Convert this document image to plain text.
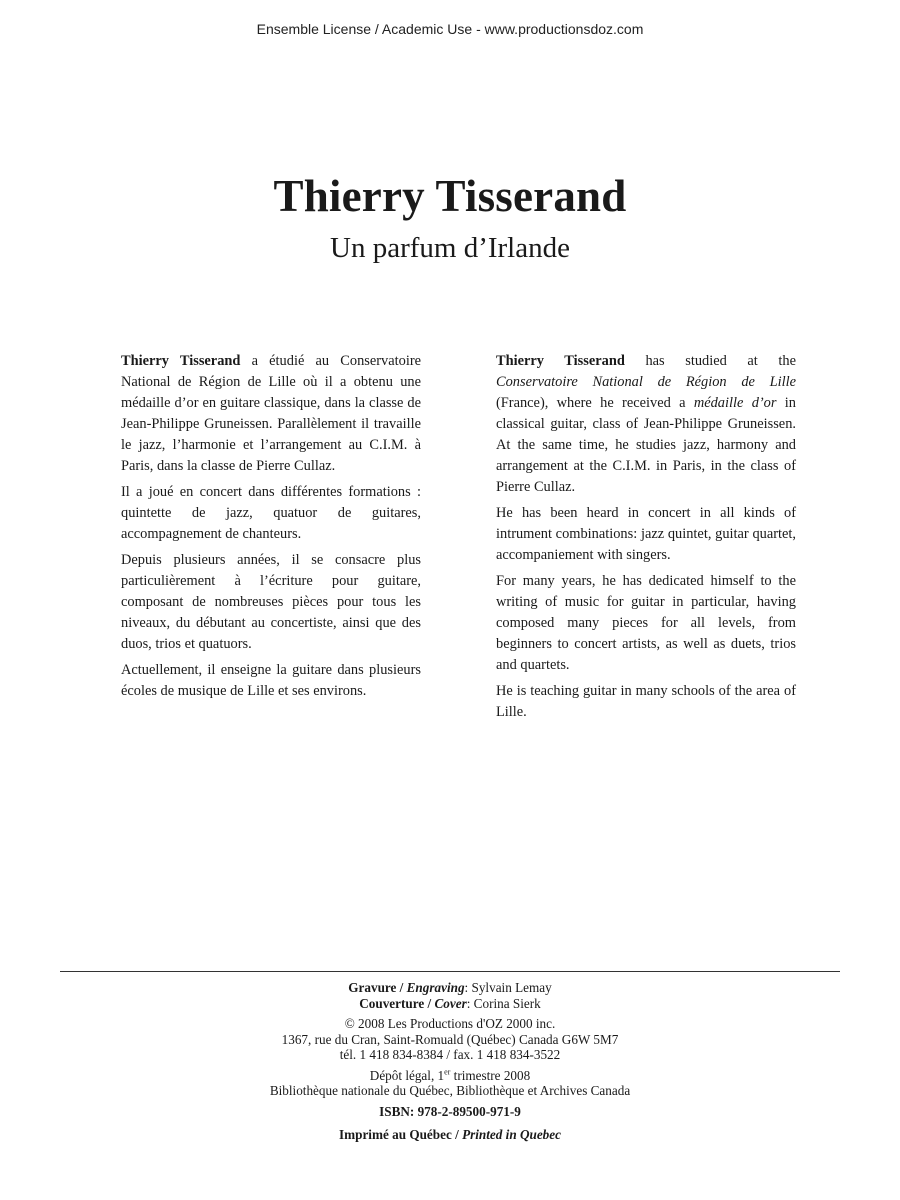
Ensemble License / Academic Use - www.productionsdoz.com
Thierry Tisserand
Un parfum d’Irlande

Thierry Tisserand a étudié au Conservatoire National de Région de Lille où il a obtenu une médaille d’or en guitare classique, dans la classe de Jean-Philippe Gruneissen. Parallèlement il travaille le jazz, l’harmonie et l’arrangement au C.I.M. à Paris, dans la classe de Pierre Cullaz.

Il a joué en concert dans différentes formations : quintette de jazz, quatuor de guitares, accompagnement de chanteurs.

Depuis plusieurs années, il se consacre plus particulièrement à l’écriture pour guitare, composant de nombreuses pièces pour tous les niveaux, du débutant au concertiste, ainsi que des duos, trios et quatuors.

Actuellement, il enseigne la guitare dans plusieurs écoles de musique de Lille et ses environs.

Thierry Tisserand has studied at the Conservatoire National de Région de Lille (France), where he received a médaille d’or in classical guitar, class of Jean-Philippe Gruneissen. At the same time, he studies jazz, harmony and arrangement at the C.I.M. in Paris, in the class of Pierre Cullaz.

He has been heard in concert in all kinds of intrument combinations: jazz quintet, guitar quartet, accompaniement with singers.

For many years, he has dedicated himself to the writing of music for guitar in particular, having composed many pieces for all levels, from beginners to concert artists, as well as duets, trios and quartets.

He is teaching guitar in many schools of the area of Lille.

Gravure / Engraving: Sylvain Lemay
Couverture / Cover: Corina Sierk
© 2008 Les Productions d'OZ 2000 inc.
1367, rue du Cran, Saint-Romuald (Québec) Canada G6W 5M7
tél. 1 418 834-8384 / fax. 1 418 834-3522
Dépôt légal, 1er trimestre 2008
Bibliothèque nationale du Québec, Bibliothèque et Archives Canada
ISBN: 978-2-89500-971-9
Imprimé au Québec / Printed in Quebec
